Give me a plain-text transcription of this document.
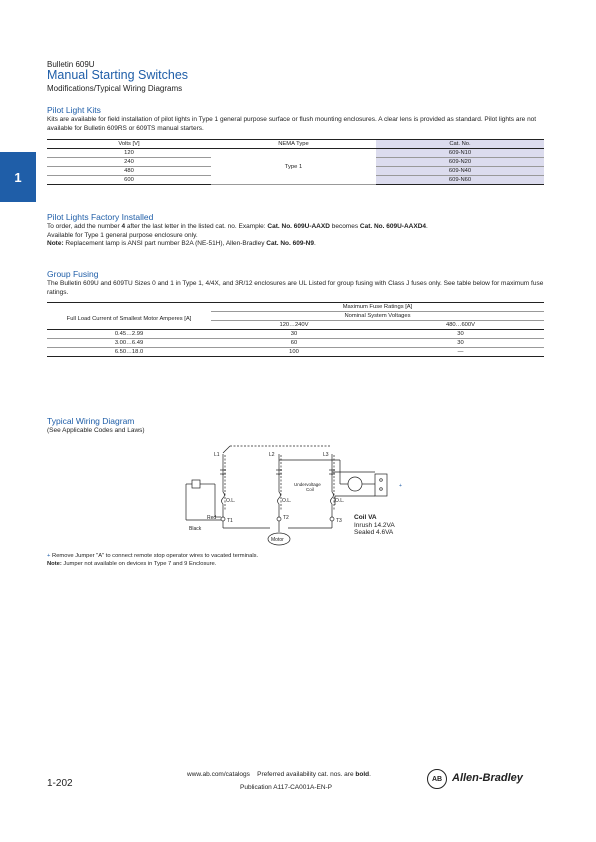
Bulletin 609U
Manual Starting Switches
Modifications/Typical Wiring Diagrams
1
Pilot Light Kits
Kits are available for field installation of pilot lights in Type 1 general purpose surface or flush mounting enclosures. A clear lens is provided as standard. Pilot lights are not available for Bulletin 609RS or 609TS manual starters.
Volts [V]	NEMA Type	Cat. No.
120	Type 1	609-N10
240		609-N20
480		609-N40
600		609-N60
Pilot Lights Factory Installed
To order, add the number 4 after the last letter in the listed cat. no. Example: Cat. No. 609U-AAXD becomes Cat. No. 609U-AAXD4.
Available for Type 1 general purpose enclosure only.
Note: Replacement lamp is ANSI part number B2A (NE-51H), Allen-Bradley Cat. No. 609-N9.
Group Fusing
The Bulletin 609U and 609TU Sizes 0 and 1 in Type 1, 4/4X, and 3R/12 enclosures are UL Listed for group fusing with Class J fuses only. See table below for maximum fuse ratings.
Full Load Current of Smallest Motor Amperes [A]	Maximum Fuse Ratings [A]	
	Nominal System Voltages	
	120…240V	480…600V
0.45…2.99	30	30
3.00…6.49	60	30
6.50…18.0	100	—
Typical Wiring Diagram
(See Applicable Codes and Laws)
L1	L2	L3
O.L.	O.L.	O.L.
Undervoltage
Coil
Red
Black
T1	T2	T3
Motor
+
Coil VA
Inrush 14.2VA
Sealed 4.6VA
+ Remove Jumper "A" to connect remote stop operator wires to vacated terminals.
Note: Jumper not available on devices in Type 7 and 9 Enclosure.
1-202
www.ab.com/catalogs Preferred availability cat. nos. are bold.
Publication A117-CA001A-EN-P
AB Allen-Bradley
